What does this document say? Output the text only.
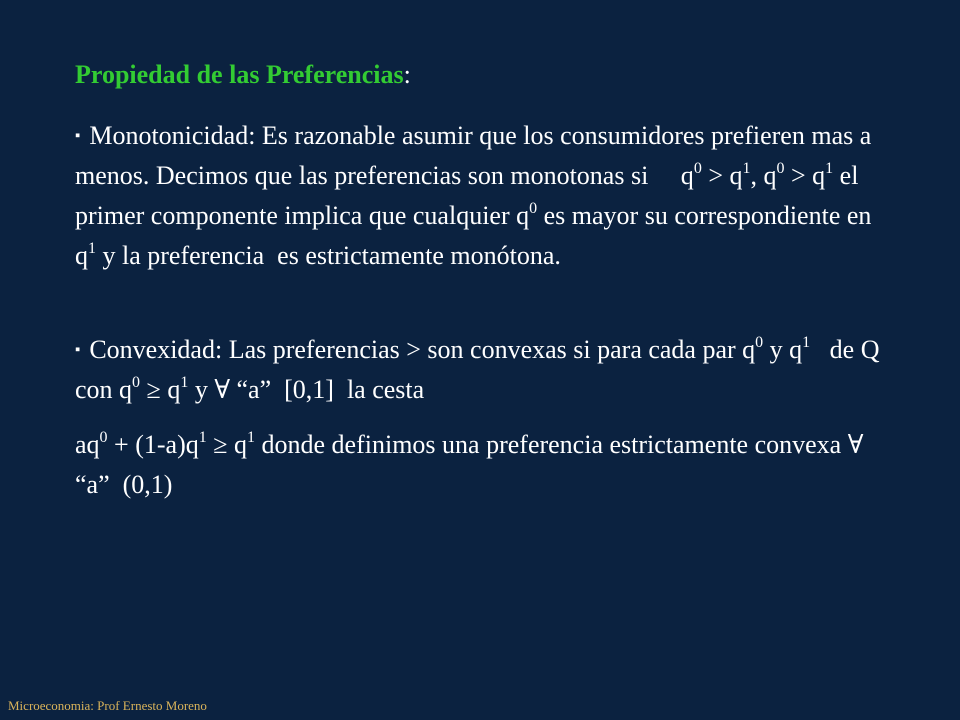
Propiedad de las Preferencias:
▪ Monotonicidad: Es razonable asumir que los consumidores prefieren mas a menos. Decimos que las preferencias son monotonas si     $q^0 > q^1$, $q^0 > q^1$ el primer componente implica que cualquier $q^0$ es mayor su correspondiente en $q^1$ y la preferencia  es estrictamente monótona.
▪ Convexidad: Las preferencias > son convexas si para cada par $q^0$ y $q^1$   de Q con $q^0 \ge q^1$ y ∀ “a”  [0,1]  la cesta
$aq^0 + (1-a)q^1 \ge q^1$ donde definimos una preferencia estrictamente convexa ∀ “a”  (0,1)
Microeconomia: Prof Ernesto Moreno
